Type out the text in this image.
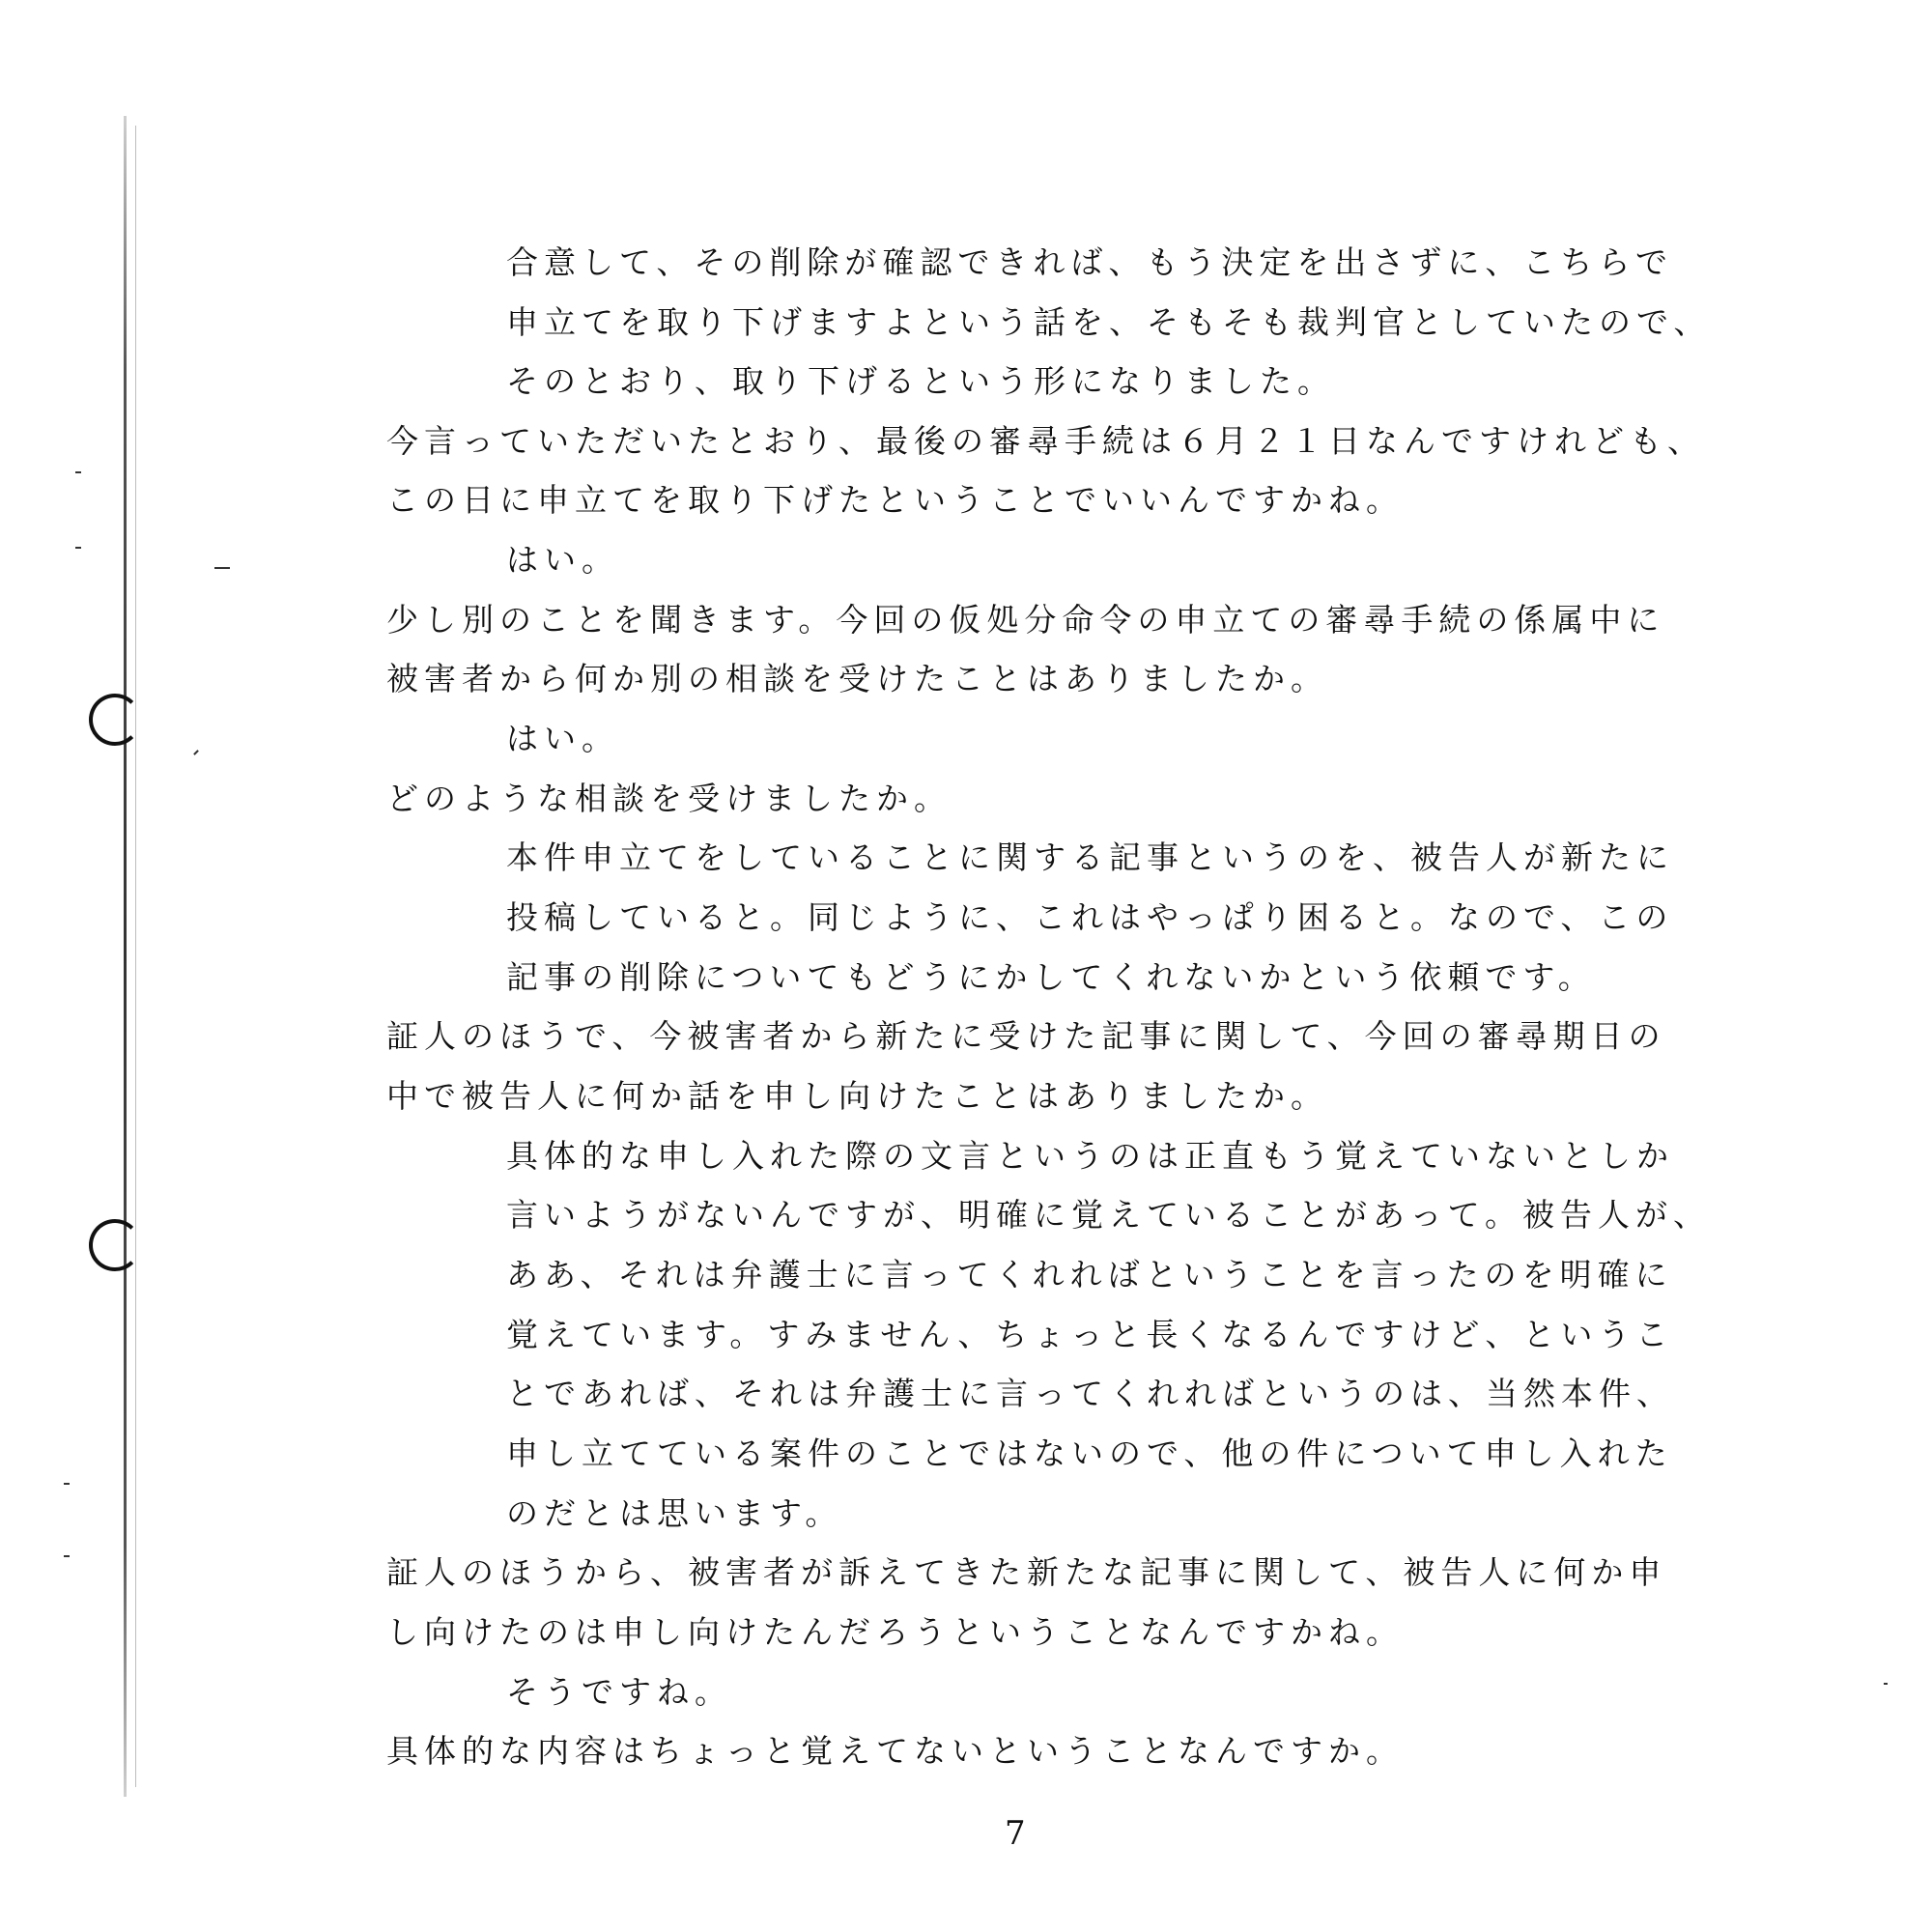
合意して、その削除が確認できれば、もう決定を出さずに、こちらで
申立てを取り下げますよという話を、そもそも裁判官としていたので、
そのとおり、取り下げるという形になりました。
今言っていただいたとおり、最後の審尋手続は６月２１日なんですけれども、
この日に申立てを取り下げたということでいいんですかね。
はい。
少し別のことを聞きます。今回の仮処分命令の申立ての審尋手続の係属中に
被害者から何か別の相談を受けたことはありましたか。
はい。
どのような相談を受けましたか。
本件申立てをしていることに関する記事というのを、被告人が新たに
投稿していると。同じように、これはやっぱり困ると。なので、この
記事の削除についてもどうにかしてくれないかという依頼です。
証人のほうで、今被害者から新たに受けた記事に関して、今回の審尋期日の
中で被告人に何か話を申し向けたことはありましたか。
具体的な申し入れた際の文言というのは正直もう覚えていないとしか
言いようがないんですが、明確に覚えていることがあって。被告人が、
ああ、それは弁護士に言ってくれればということを言ったのを明確に
覚えています。すみません、ちょっと長くなるんですけど、というこ
とであれば、それは弁護士に言ってくれればというのは、当然本件、
申し立てている案件のことではないので、他の件について申し入れた
のだとは思います。
証人のほうから、被害者が訴えてきた新たな記事に関して、被告人に何か申
し向けたのは申し向けたんだろうということなんですかね。
そうですね。
具体的な内容はちょっと覚えてないということなんですか。
7
